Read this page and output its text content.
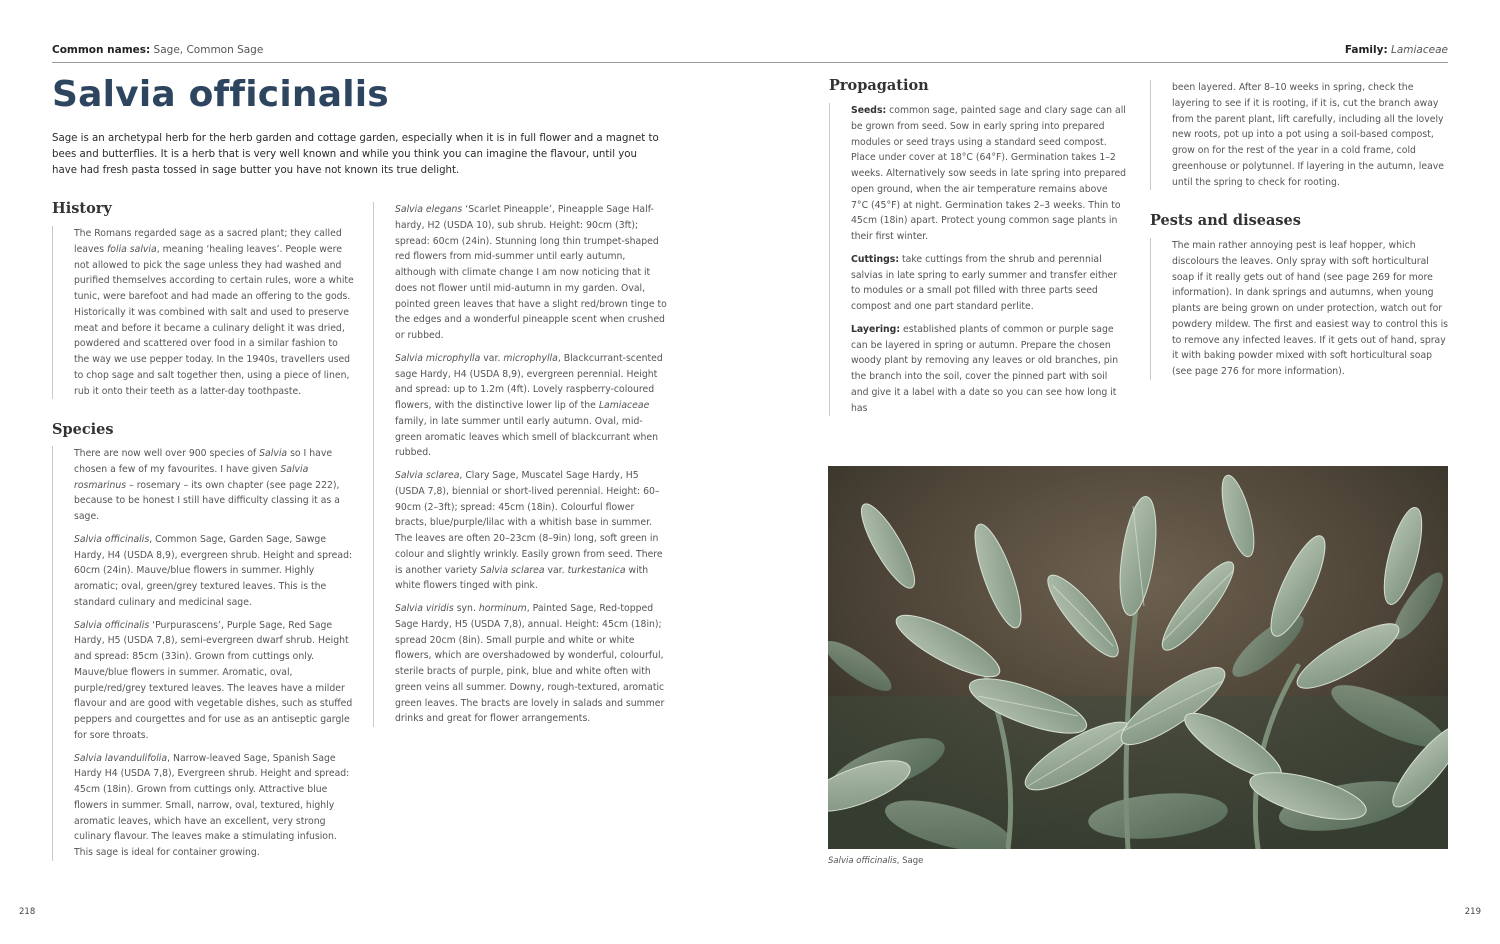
Common names: Sage, Common Sage	Family: Lamiaceae
Salvia officinalis

Sage is an archetypal herb for the herb garden and cottage garden, especially when it is in full flower and a magnet to bees and butterflies. It is a herb that is very well known and while you think you can imagine the flavour, until you have had fresh pasta tossed in sage butter you have not known its true delight.

History

The Romans regarded sage as a sacred plant; they called leaves folia salvia, meaning ‘healing leaves’. People were not allowed to pick the sage unless they had washed and purified themselves according to certain rules, wore a white tunic, were barefoot and had made an offering to the gods. Historically it was combined with salt and used to preserve meat and before it became a culinary delight it was dried, powdered and scattered over food in a similar fashion to the way we use pepper today. In the 1940s, travellers used to chop sage and salt together then, using a piece of linen, rub it onto their teeth as a latter-day toothpaste.

Species

There are now well over 900 species of Salvia so I have chosen a few of my favourites. I have given Salvia rosmarinus – rosemary – its own chapter (see page 222), because to be honest I still have difficulty classing it as a sage.

Salvia officinalis, Common Sage, Garden Sage, Sawge Hardy, H4 (USDA 8,9), evergreen shrub. Height and spread: 60cm (24in). Mauve/blue flowers in summer. Highly aromatic; oval, green/grey textured leaves. This is the standard culinary and medicinal sage.

Salvia officinalis ‘Purpurascens’, Purple Sage, Red Sage Hardy, H5 (USDA 7,8), semi-evergreen dwarf shrub. Height and spread: 85cm (33in). Grown from cuttings only. Mauve/blue flowers in summer. Aromatic, oval, purple/red/grey textured leaves. The leaves have a milder flavour and are good with vegetable dishes, such as stuffed peppers and courgettes and for use as an antiseptic gargle for sore throats.

Salvia lavandulifolia, Narrow-leaved Sage, Spanish Sage Hardy H4 (USDA 7,8), Evergreen shrub. Height and spread: 45cm (18in). Grown from cuttings only. Attractive blue flowers in summer. Small, narrow, oval, textured, highly aromatic leaves, which have an excellent, very strong culinary flavour. The leaves make a stimulating infusion. This sage is ideal for container growing.

Salvia elegans ‘Scarlet Pineapple’, Pineapple Sage Half-hardy, H2 (USDA 10), sub shrub. Height: 90cm (3ft); spread: 60cm (24in). Stunning long thin trumpet-shaped red flowers from mid-summer until early autumn, although with climate change I am now noticing that it does not flower until mid-autumn in my garden. Oval, pointed green leaves that have a slight red/brown tinge to the edges and a wonderful pineapple scent when crushed or rubbed.

Salvia microphylla var. microphylla, Blackcurrant-scented sage Hardy, H4 (USDA 8,9), evergreen perennial. Height and spread: up to 1.2m (4ft). Lovely raspberry-coloured flowers, with the distinctive lower lip of the Lamiaceae family, in late summer until early autumn. Oval, mid-green aromatic leaves which smell of blackcurrant when rubbed.

Salvia sclarea, Clary Sage, Muscatel Sage Hardy, H5 (USDA 7,8), biennial or short-lived perennial. Height: 60–90cm (2–3ft); spread: 45cm (18in). Colourful flower bracts, blue/purple/lilac with a whitish base in summer. The leaves are often 20–23cm (8–9in) long, soft green in colour and slightly wrinkly. Easily grown from seed. There is another variety Salvia sclarea var. turkestanica with white flowers tinged with pink.

Salvia viridis syn. horminum, Painted Sage, Red-topped Sage Hardy, H5 (USDA 7,8), annual. Height: 45cm (18in); spread 20cm (8in). Small purple and white or white flowers, which are overshadowed by wonderful, colourful, sterile bracts of purple, pink, blue and white often with green veins all summer. Downy, rough-textured, aromatic green leaves. The bracts are lovely in salads and summer drinks and great for flower arrangements.

Propagation

Seeds: common sage, painted sage and clary sage can all be grown from seed. Sow in early spring into prepared modules or seed trays using a standard seed compost. Place under cover at 18°C (64°F). Germination takes 1–2 weeks. Alternatively sow seeds in late spring into prepared open ground, when the air temperature remains above 7°C (45°F) at night. Germination takes 2–3 weeks. Thin to 45cm (18in) apart. Protect young common sage plants in their first winter.

Cuttings: take cuttings from the shrub and perennial salvias in late spring to early summer and transfer either to modules or a small pot filled with three parts seed compost and one part standard perlite.

Layering: established plants of common or purple sage can be layered in spring or autumn. Prepare the chosen woody plant by removing any leaves or old branches, pin the branch into the soil, cover the pinned part with soil and give it a label with a date so you can see how long it has

been layered. After 8–10 weeks in spring, check the layering to see if it is rooting, if it is, cut the branch away from the parent plant, lift carefully, including all the lovely new roots, pot up into a pot using a soil-based compost, grow on for the rest of the year in a cold frame, cold greenhouse or polytunnel. If layering in the autumn, leave until the spring to check for rooting.

Pests and diseases

The main rather annoying pest is leaf hopper, which discolours the leaves. Only spray with soft horticultural soap if it really gets out of hand (see page 269 for more information). In dank springs and autumns, when young plants are being grown on under protection, watch out for powdery mildew. The first and easiest way to control this is to remove any infected leaves. If it gets out of hand, spray it with baking powder mixed with soft horticultural soap (see page 276 for more information).

Salvia officinalis, Sage
218	219
